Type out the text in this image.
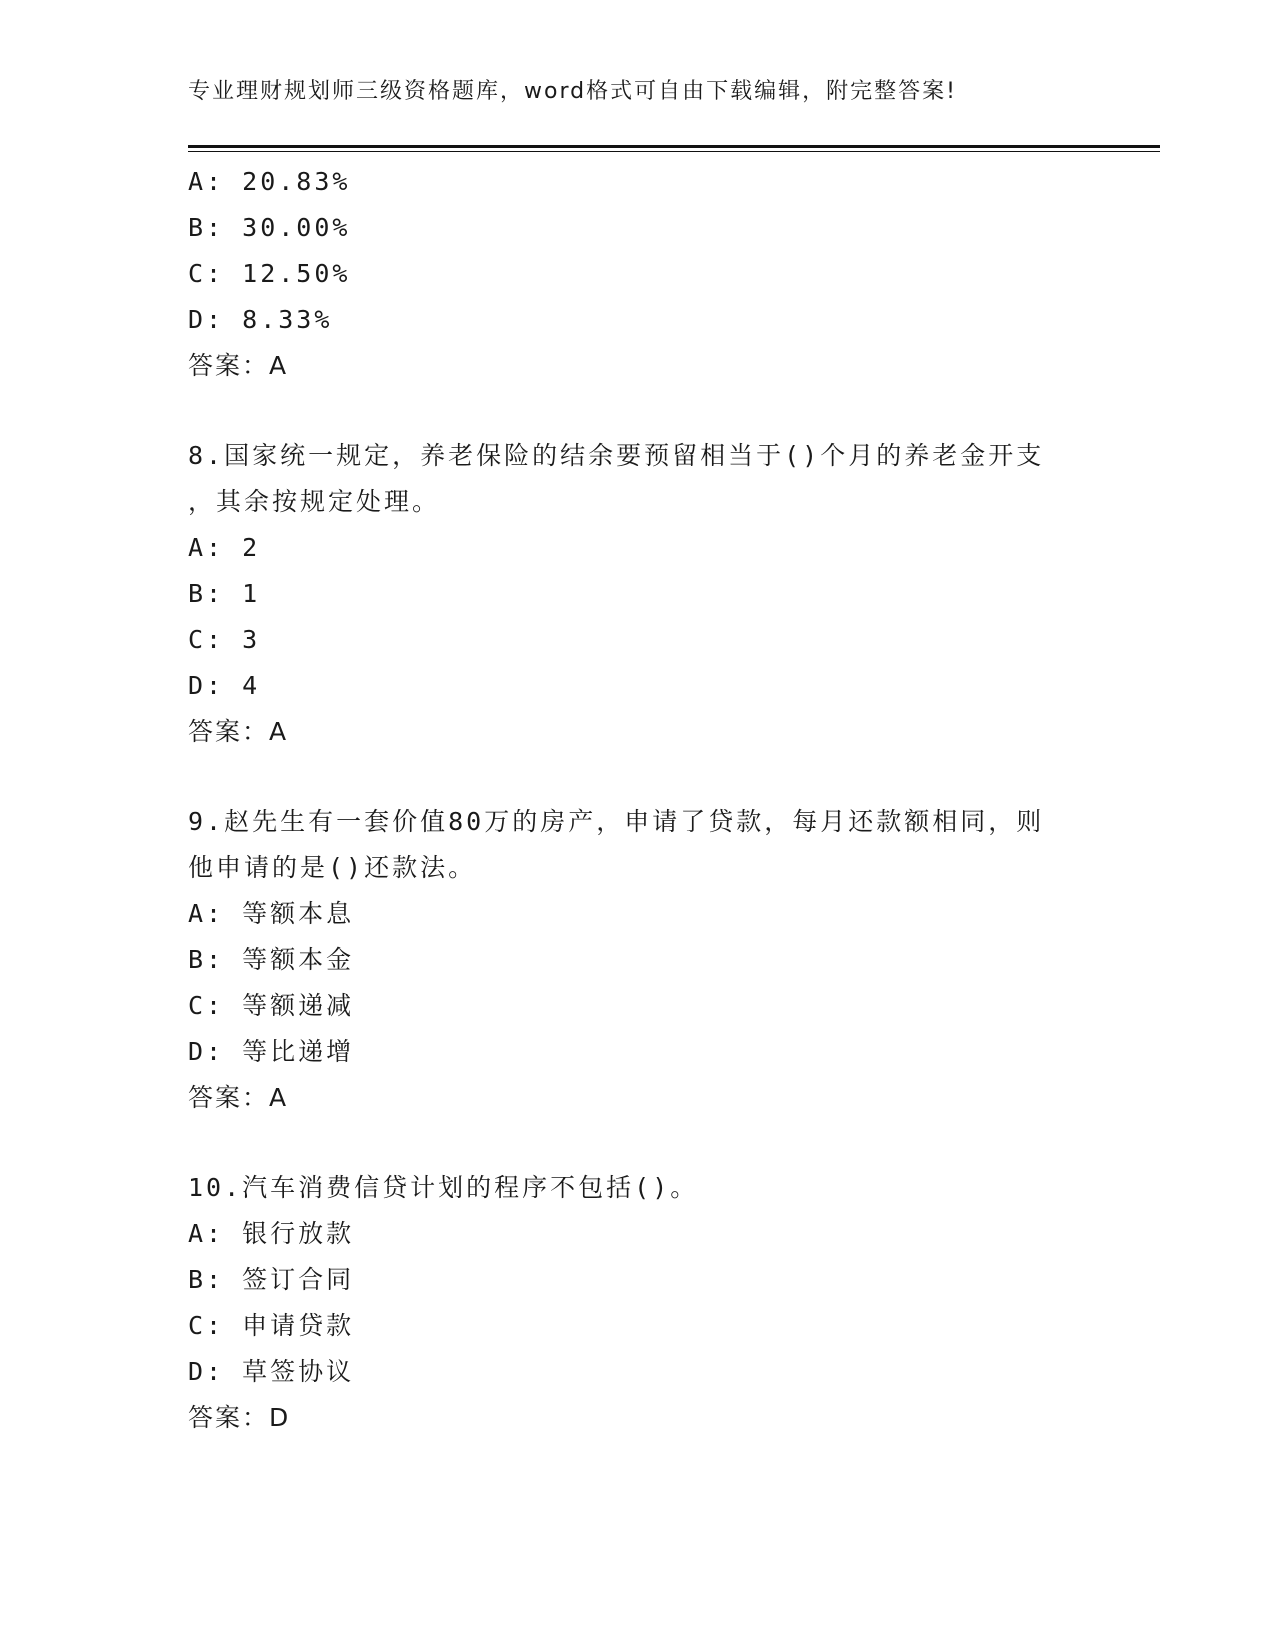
专业理财规划师三级资格题库，word格式可自由下载编辑，附完整答案!
A: 20.83%
B: 30.00%
C: 12.50%
D: 8.33%
答案：A
8.国家统一规定，养老保险的结余要预留相当于()个月的养老金开支
，其余按规定处理。
A: 2
B: 1
C: 3
D: 4
答案：A
9.赵先生有一套价值80万的房产，申请了贷款，每月还款额相同，则
他申请的是()还款法。
A: 等额本息
B: 等额本金
C: 等额递减
D: 等比递增
答案：A
10.汽车消费信贷计划的程序不包括()。
A: 银行放款
B: 签订合同
C: 申请贷款
D: 草签协议
答案：D
